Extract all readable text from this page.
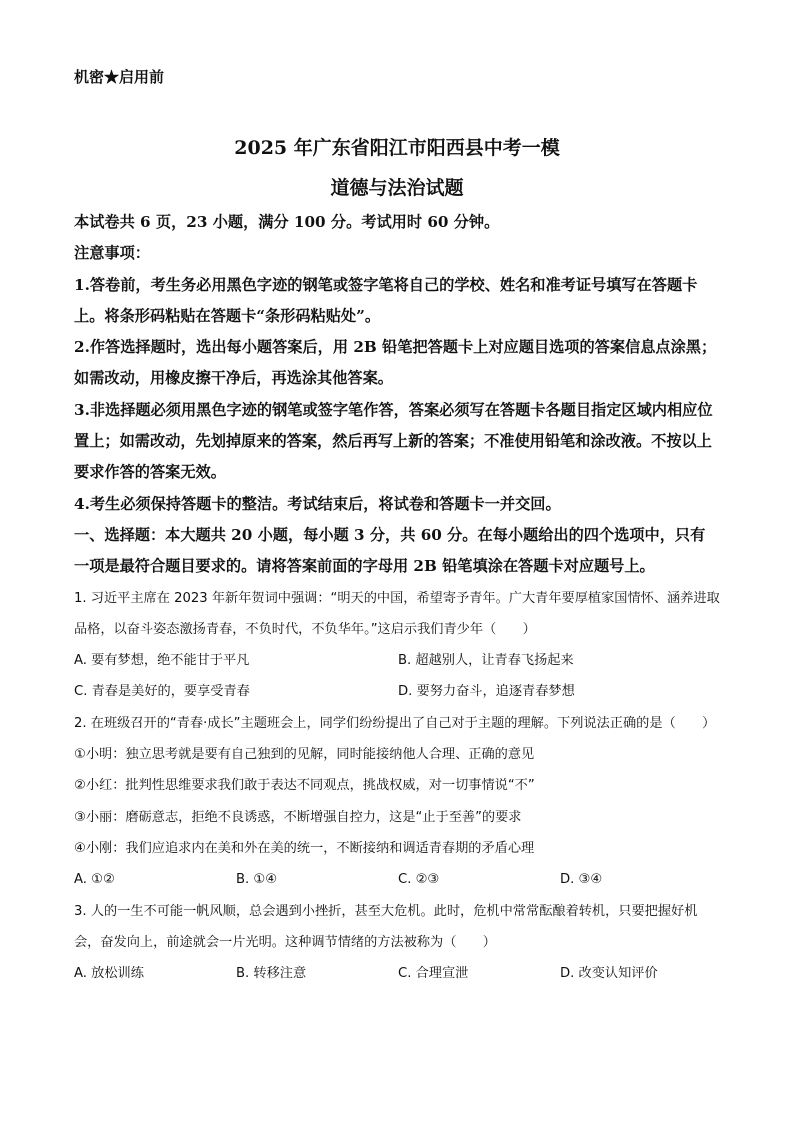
机密★启用前
2025 年广东省阳江市阳西县中考一模
道德与法治试题

本试卷共 6 页，23 小题，满分 100 分。考试用时 60 分钟。

注意事项：

1.答卷前，考生务必用黑色字迹的钢笔或签字笔将自己的学校、姓名和准考证号填写在答题卡上。将条形码粘贴在答题卡“条形码粘贴处”。

2.作答选择题时，选出每小题答案后，用 2B 铅笔把答题卡上对应题目选项的答案信息点涂黑；如需改动，用橡皮擦干净后，再选涂其他答案。

3.非选择题必须用黑色字迹的钢笔或签字笔作答，答案必须写在答题卡各题目指定区域内相应位置上；如需改动，先划掉原来的答案，然后再写上新的答案；不准使用铅笔和涂改液。不按以上要求作答的答案无效。

4.考生必须保持答题卡的整洁。考试结束后，将试卷和答题卡一并交回。

一、选择题：本大题共 20 小题，每小题 3 分，共 60 分。在每小题给出的四个选项中，只有一项是最符合题目要求的。请将答案前面的字母用 2B 铅笔填涂在答题卡对应题号上。

1. 习近平主席在 2023 年新年贺词中强调：“明天的中国，希望寄予青年。广大青年要厚植家国情怀、涵养进取品格，以奋斗姿态激扬青春，不负时代，不负华年。”这启示我们青少年（　　）

A. 要有梦想，绝不能甘于平凡	B. 超越别人，让青春飞扬起来
C. 青春是美好的，要享受青春	D. 要努力奋斗，追逐青春梦想

2. 在班级召开的“青春·成长”主题班会上，同学们纷纷提出了自己对于主题的理解。下列说法正确的是（　　）

①小明：独立思考就是要有自己独到的见解，同时能接纳他人合理、正确的意见

②小红：批判性思维要求我们敢于表达不同观点，挑战权威，对一切事情说“不”

③小丽：磨砺意志，拒绝不良诱惑，不断增强自控力，这是“止于至善”的要求

④小刚：我们应追求内在美和外在美的统一，不断接纳和调适青春期的矛盾心理

A. ①②	B. ①④	C. ②③	D. ③④

3. 人的一生不可能一帆风顺，总会遇到小挫折，甚至大危机。此时，危机中常常酝酿着转机，只要把握好机会，奋发向上，前途就会一片光明。这种调节情绪的方法被称为（　　）

A. 放松训练	B. 转移注意	C. 合理宣泄	D. 改变认知评价
